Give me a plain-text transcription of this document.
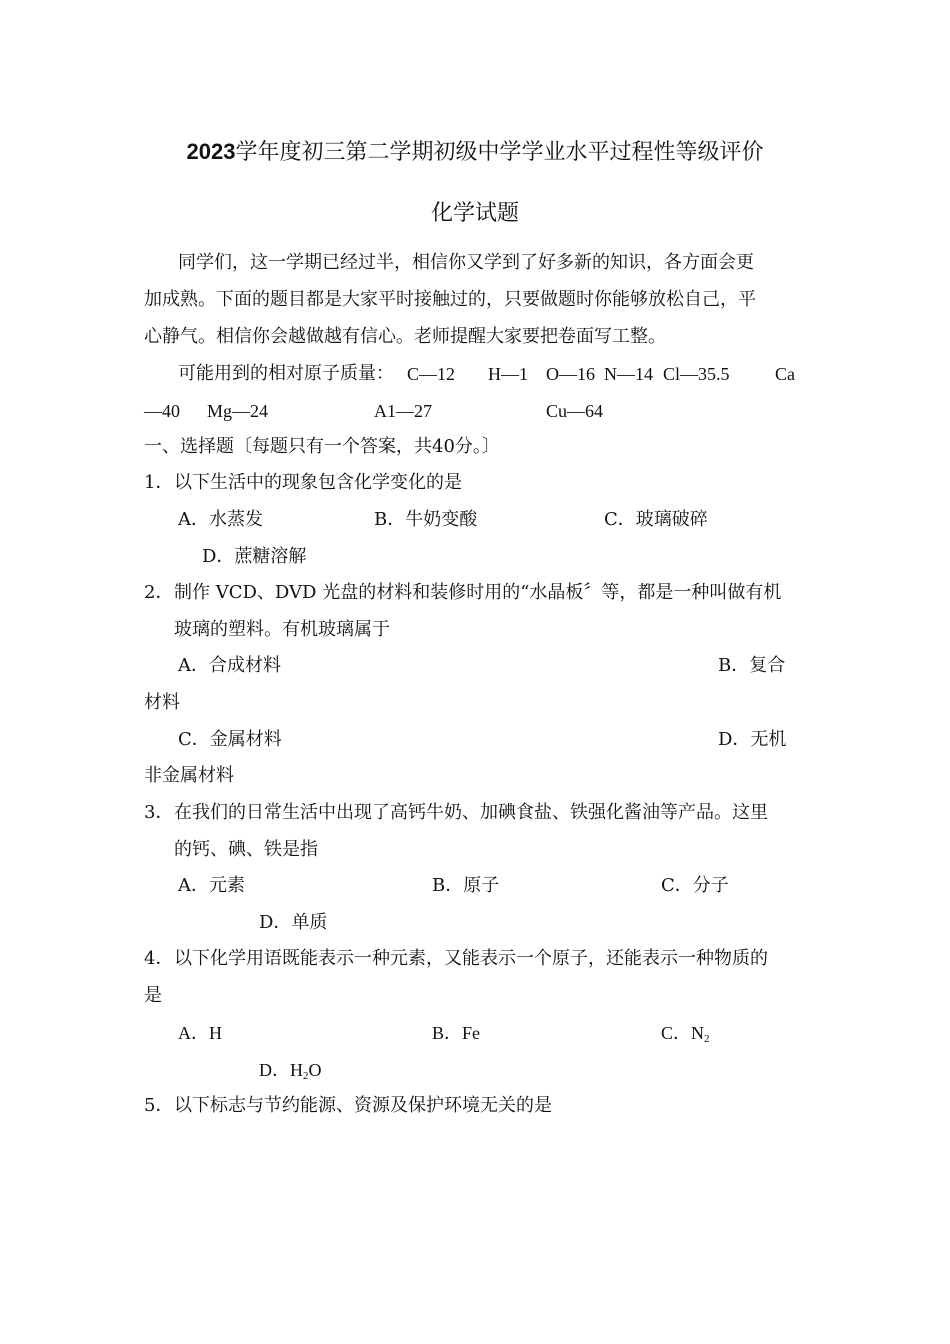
2023学年度初三第二学期初级中学学业水平过程性等级评价
化学试题
同学们，这一学期已经过半，相信你又学到了好多新的知识，各方面会更
加成熟。下面的题目都是大家平时接触过的，只要做题时你能够放松自己，平
心静气。相信你会越做越有信心。老师提醒大家要把卷面写工整。
可能用到的相对原子质量： C—12 H—1 O—16 N—14 Cl—35.5	Ca
—40 Mg—24	A1—27	Cu—64
一、选择题〔每题只有一个答案，共40分。〕
1． 以下生活中的现象包含化学变化的是
A．水蒸发	B．牛奶变酸	C．玻璃破碎
D．蔗糖溶解
2． 制作 VCD、DVD 光盘的材料和装修时用的“水晶板〞等，都是一种叫做有机
玻璃的塑料。有机玻璃属于
A．合成材料	B．复合
材料
C．金属材料	D．无机
非金属材料
3． 在我们的日常生活中出现了高钙牛奶、加碘食盐、铁强化酱油等产品。这里
的钙、碘、铁是指
A．元素	B．原子	C．分子
D．单质
4． 以下化学用语既能表示一种元素，又能表示一个原子，还能表示一种物质的
是
A．H	B．Fe	C．$N_2$
D．$H_2O$
5． 以下标志与节约能源、资源及保护环境无关的是
